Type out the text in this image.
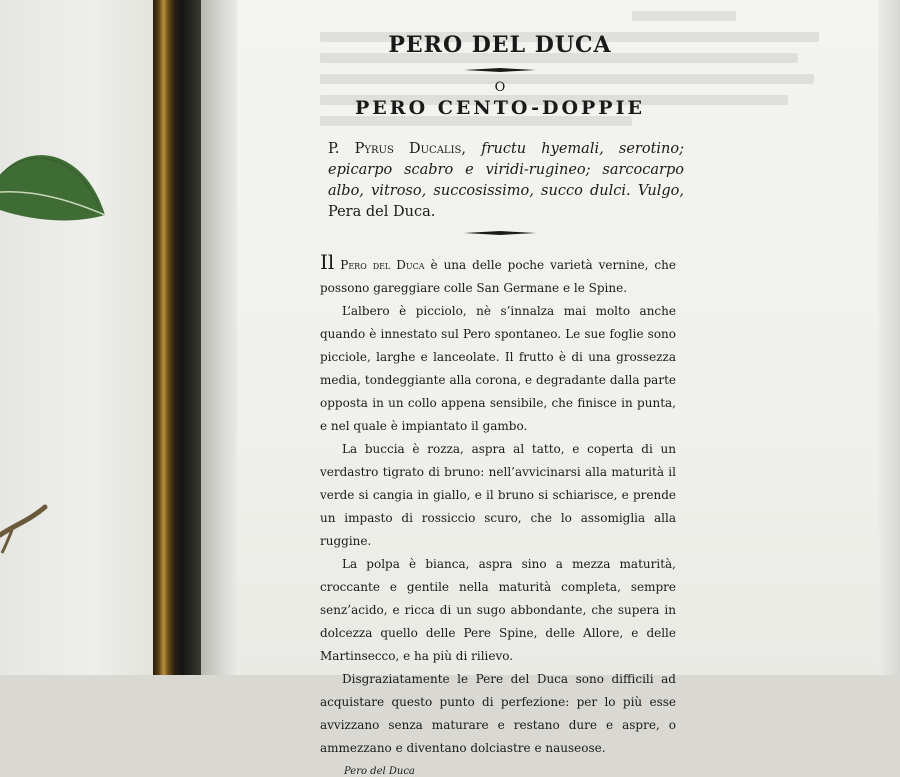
PERO DEL DUCA
O
PERO CENTO-DOPPIE

P. Pyrus Ducalis, fructu hyemali, serotino; epicarpo scabro e viridi-rugineo; sarcocarpo albo, vitroso, succosissimo, succo dulci. Vulgo, Pera del Duca.

Il Pero del Duca è una delle poche varietà vernine, che possono gareggiare colle San Germane e le Spine.

L’albero è picciolo, nè s’innalza mai molto anche quando è innestato sul Pero spontaneo. Le sue foglie sono picciole, larghe e lanceolate. Il frutto è di una grossezza media, tondeggiante alla corona, e degradante dalla parte opposta in un collo appena sensibile, che finisce in punta, e nel quale è impiantato il gambo.

La buccia è rozza, aspra al tatto, e coperta di un verdastro tigrato di bruno: nell’avvicinarsi alla maturità il verde si cangia in giallo, e il bruno si schiarisce, e prende un impasto di rossiccio scuro, che lo assomiglia alla ruggine.

La polpa è bianca, aspra sino a mezza maturità, croccante e gentile nella maturità completa, sempre senz’acido, e ricca di un sugo abbondante, che supera in dolcezza quello delle Pere Spine, delle Allore, e delle Martinsecco, e ha più di rilievo.

Disgraziatamente le Pere del Duca sono difficili ad acquistare questo punto di perfezione: per lo più esse avvizzano senza maturare e restano dure e aspre, o ammezzano e diventano dolciastre e nauseose.

Pero del Duca
